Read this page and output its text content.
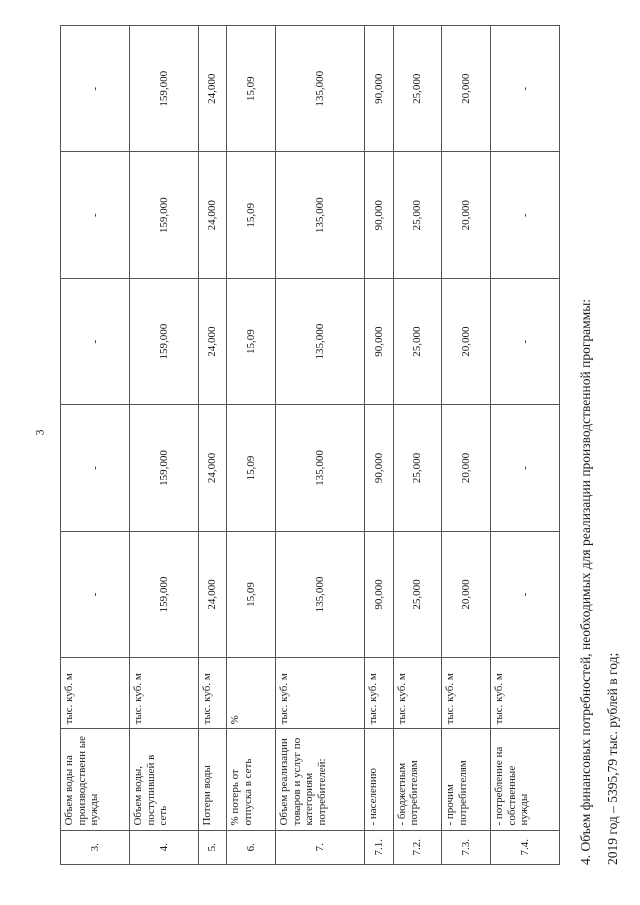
3
3.	Объем воды на производственн ые нужды	тыс. куб. м	-	-	-	-	-
4.	Объем воды, поступившей в сеть	тыс. куб. м	159,000	159,000	159,000	159,000	159,000
5.	Потери воды	тыс. куб. м	24,000	24,000	24,000	24,000	24,000
6.	% потерь от отпуска в сеть	%	15,09	15,09	15,09	15,09	15,09
7.	Объем реализации товаров и услуг по категориям потребителей:	тыс. куб. м	135,000	135,000	135,000	135,000	135,000
7.1.	- населению	тыс. куб. м	90,000	90,000	90,000	90,000	90,000
7.2.	- бюджетным потребителям	тыс. куб. м	25,000	25,000	25,000	25,000	25,000
7.3.	- прочим потребителям	тыс. куб. м	20,000	20,000	20,000	20,000	20,000
7.4.	- потребление на собственные нужды	тыс. куб. м	-	-	-	-	-
4. Объем финансовых потребностей, необходимых для реализации производственной программы: 2019 год – 5395,79 тыс. рублей в год;
